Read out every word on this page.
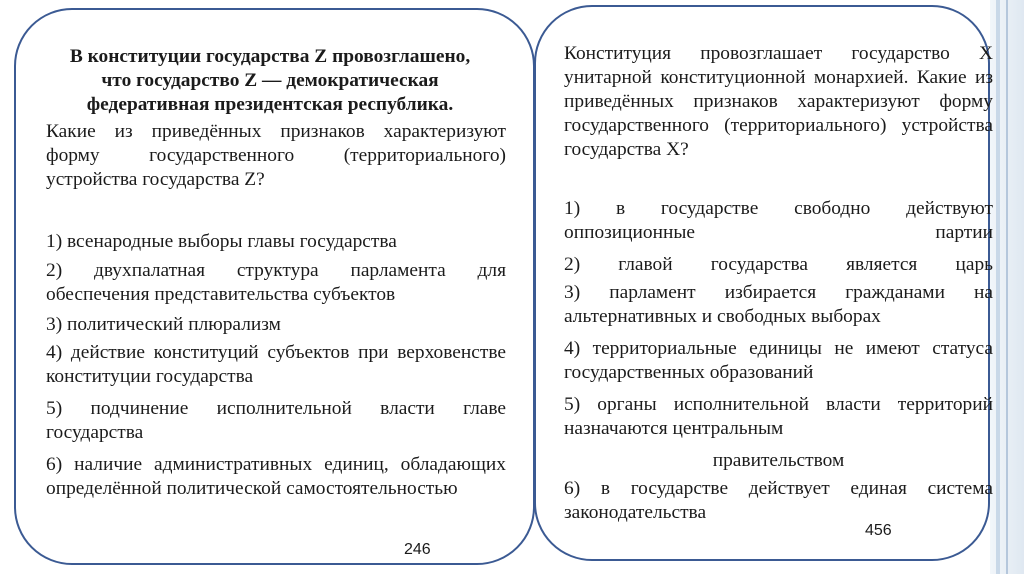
В конституции государства Z провозглашено,
что государство Z — демократическая
федеративная президентская республика.
Какие из приведённых признаков характеризуют форму государственного (территориального) устройства государства Z?
1) всенародные выборы главы государства
2) двухпалатная структура парламента для обеспечения представительства субъектов
3) политический плюрализм
4) действие конституций субъектов при верховенстве конституции государства
5) подчинение исполнительной власти главе государства
6) наличие административных единиц, обладающих определённой политической самостоятельностью
246
Конституция провозглашает государство X унитарной конституционной монархией. Какие из приведённых признаков характеризуют форму государственного (территориального) устройства государства X?
1) в государстве свободно действуют оппозиционные партии
2) главой государства является царь
3) парламент избирается гражданами на альтернативных и свободных выборах
4) территориальные единицы не имеют статуса государственных образований
5) органы исполнительной власти территорий назначаются центральным
правительством
6) в государстве действует единая система законодательства
456
